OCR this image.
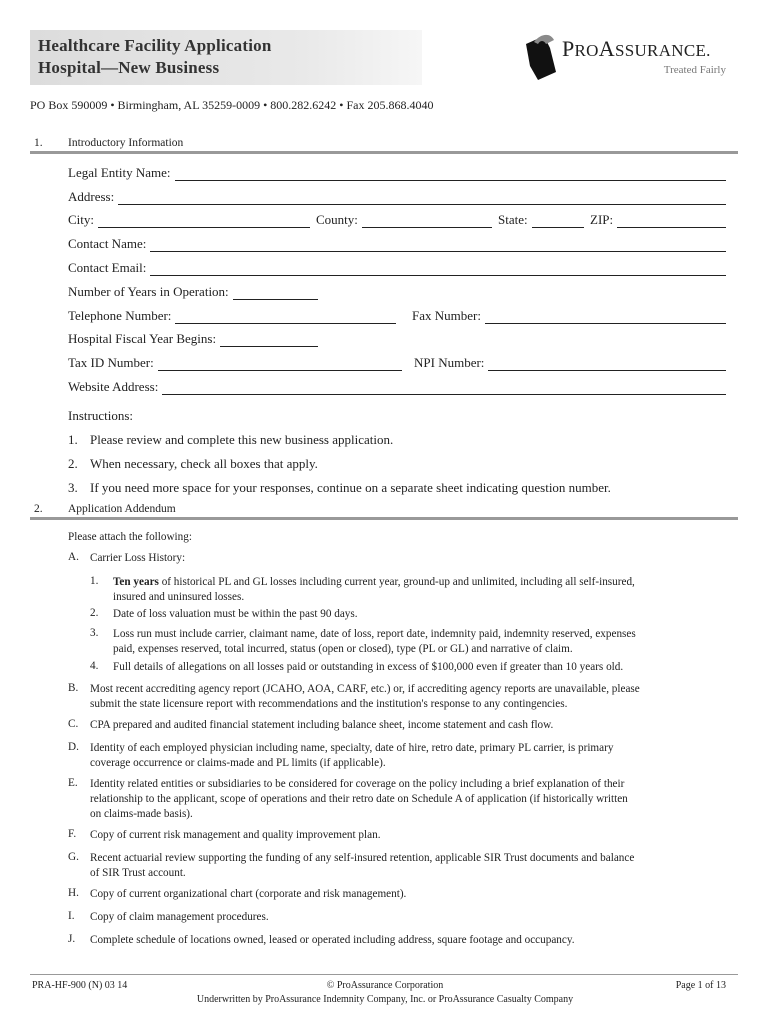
Healthcare Facility Application
Hospital—New Business
PROASSURANCE.
Treated Fairly
PO Box 590009 • Birmingham, AL 35259-0009 • 800.282.6242 • Fax 205.868.4040
1. Introductory Information
Legal Entity Name:
Address:
City:	County:	State:	ZIP:
Contact Name:
Contact Email:
Number of Years in Operation:
Telephone Number:	Fax Number:
Hospital Fiscal Year Begins:
Tax ID Number:	NPI Number:
Website Address:
Instructions:
1. Please review and complete this new business application.
2. When necessary, check all boxes that apply.
3. If you need more space for your responses, continue on a separate sheet indicating question number.
2. Application Addendum
Please attach the following:
A. Carrier Loss History:
1. Ten years of historical PL and GL losses including current year, ground-up and unlimited, including all self-insured,
insured and uninsured losses.
2. Date of loss valuation must be within the past 90 days.
3. Loss run must include carrier, claimant name, date of loss, report date, indemnity paid, indemnity reserved, expenses
paid, expenses reserved, total incurred, status (open or closed), type (PL or GL) and narrative of claim.
4. Full details of allegations on all losses paid or outstanding in excess of $100,000 even if greater than 10 years old.
B. Most recent accrediting agency report (JCAHO, AOA, CARF, etc.) or, if accrediting agency reports are unavailable, please
submit the state licensure report with recommendations and the institution's response to any contingencies.
C. CPA prepared and audited financial statement including balance sheet, income statement and cash flow.
D. Identity of each employed physician including name, specialty, date of hire, retro date, primary PL carrier, is primary
coverage occurrence or claims-made and PL limits (if applicable).
E. Identity related entities or subsidiaries to be considered for coverage on the policy including a brief explanation of their
relationship to the applicant, scope of operations and their retro date on Schedule A of application (if historically written
on claims-made basis).
F. Copy of current risk management and quality improvement plan.
G. Recent actuarial review supporting the funding of any self-insured retention, applicable SIR Trust documents and balance
of SIR Trust account.
H. Copy of current organizational chart (corporate and risk management).
I. Copy of claim management procedures.
J. Complete schedule of locations owned, leased or operated including address, square footage and occupancy.
PRA-HF-900 (N) 03 14	© ProAssurance Corporation
Underwritten by ProAssurance Indemnity Company, Inc. or ProAssurance Casualty Company
Page 1 of 13
